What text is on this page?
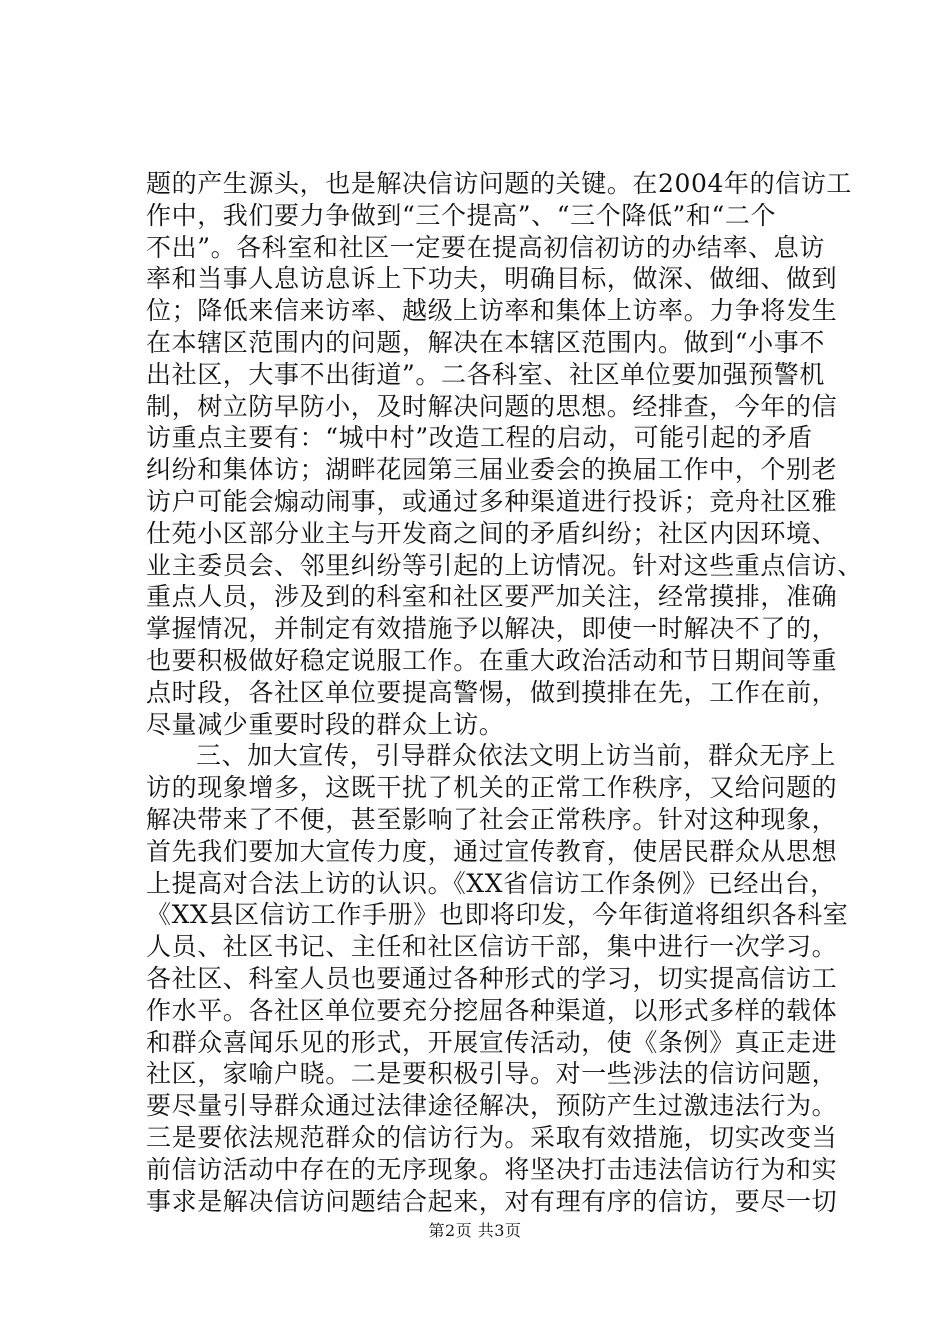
题的产生源头，也是解决信访问题的关键。在2004年的信访工
作中，我们要力争做到“三个提高”、“三个降低”和“二个
不出”。各科室和社区一定要在提高初信初访的办结率、息访
率和当事人息访息诉上下功夫，明确目标，做深、做细、做到
位；降低来信来访率、越级上访率和集体上访率。力争将发生
在本辖区范围内的问题，解决在本辖区范围内。做到“小事不
出社区，大事不出街道”。二各科室、社区单位要加强预警机
制，树立防早防小，及时解决问题的思想。经排查，今年的信
访重点主要有：“城中村”改造工程的启动，可能引起的矛盾
纠纷和集体访；湖畔花园第三届业委会的换届工作中，个别老
访户可能会煽动闹事，或通过多种渠道进行投诉；竞舟社区雅
仕苑小区部分业主与开发商之间的矛盾纠纷；社区内因环境、
业主委员会、邻里纠纷等引起的上访情况。针对这些重点信访、
重点人员，涉及到的科室和社区要严加关注，经常摸排，准确
掌握情况，并制定有效措施予以解决，即使一时解决不了的，
也要积极做好稳定说服工作。在重大政治活动和节日期间等重
点时段，各社区单位要提高警惕，做到摸排在先，工作在前，
尽量减少重要时段的群众上访。
三、加大宣传，引导群众依法文明上访当前，群众无序上
访的现象增多，这既干扰了机关的正常工作秩序，又给问题的
解决带来了不便，甚至影响了社会正常秩序。针对这种现象，
首先我们要加大宣传力度，通过宣传教育，使居民群众从思想
上提高对合法上访的认识。《XX省信访工作条例》已经出台，
《XX县区信访工作手册》也即将印发，今年街道将组织各科室
人员、社区书记、主任和社区信访干部，集中进行一次学习。
各社区、科室人员也要通过各种形式的学习，切实提高信访工
作水平。各社区单位要充分挖屈各种渠道，以形式多样的载体
和群众喜闻乐见的形式，开展宣传活动，使《条例》真正走进
社区，家喻户晓。二是要积极引导。对一些涉法的信访问题，
要尽量引导群众通过法律途径解决，预防产生过激违法行为。
三是要依法规范群众的信访行为。采取有效措施，切实改变当
前信访活动中存在的无序现象。将坚决打击违法信访行为和实
事求是解决信访问题结合起来，对有理有序的信访，要尽一切
第2页 共3页
